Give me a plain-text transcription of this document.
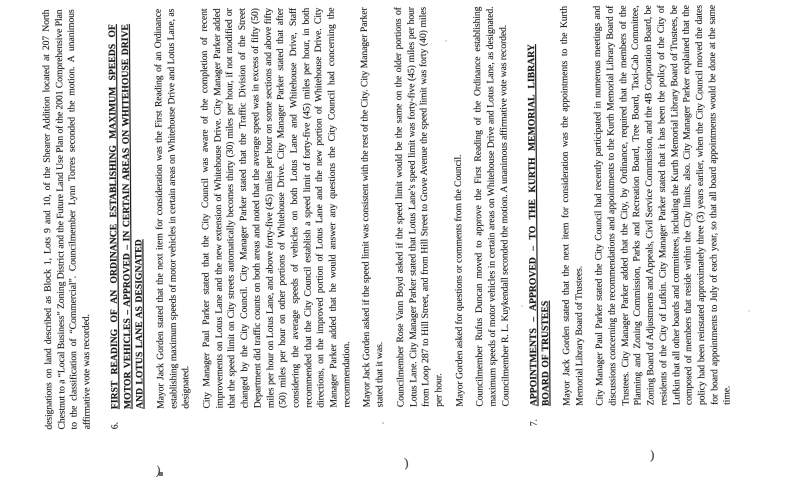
)
)
)

designations on land described as Block 1, Lots 9 and 10, of the Shearer Addition located at 207 North Chestnut to a “Local Business” Zoning District and the Future Land Use Plan of the 2001 Comprehensive Plan to the classification of “Commercial”. Councilmember Lynn Torres seconded the motion. A unanimous affirmative vote was recorded. 6.

FIRST READING OF AN ORDINANCE ESTABLISHING MAXIMUM SPEEDS OF MOTOR VEHICLES – APPROVED – IN CERTAIN AREAS ON WHITEHOUSE DRIVE AND LOTUS LANE AS DESIGNATED Mayor Jack Gorden stated that the next item for consideration was the First Reading of an Ordinance establishing maximum speeds of motor vehicles in certain areas on Whitehouse Drive and Lotus Lane, as designated. City Manager Paul Parker stated that the City Council was aware of the completion of recent improvements on Lotus Lane and the new extension of Whitehouse Drive. City Manager Parker added that the speed limit on City streets automatically becomes thirty (30) miles per hour, if not modified or changed by the City Council. City Manager Parker stated that the Traffic Division of the Street Department did traffic counts on both areas and noted that the average speed was in excess of fifty (50) miles per hour on Lotus Lane, and above forty-five (45) miles per hour on some sections and above fifty (50) miles per hour on other portions of Whitehouse Drive. City Manager Parker stated that after considering the average speeds of vehicles on both Lotus Lane and Whitehouse Drive, Staff recommended that the City Council establish a speed limit of forty-five (45) miles per hour, in both directions, on the improved portion of Lotus Lane and the new portion of Whitehouse Drive. City Manager Parker added that he would answer any questions the City Council had concerning the recommendation. Mayor Jack Gorden asked if the speed limit was consistent with the rest of the City. City Manager Parker stated that it was. Councilmember Rose Vann Boyd asked if the speed limit would be the same on the older portions of Lotus Lane. City Manager Parker stated that Lotus Lane’s speed limit was forty-five (45) miles per hour from Loop 287 to Hill Street, and from Hill Street to Grove Avenue the speed limit was forty (40) miles per hour. Mayor Gorden asked for questions or comments from the Council. Councilmember Rufus Duncan moved to approve the First Reading of the Ordinance establishing maximum speeds of motor vehicles in certain areas on Whitehouse Drive and Lotus Lane, as designated. Councilmember R. L. Kuykendall seconded the motion. A unanimous affirmative vote was recorded.

7.

APPOINTMENTS – APPROVED – TO THE KURTH MEMORIAL LIBRARY BOARD OF TRUSTEES Mayor Jack Gorden stated that the next item for consideration was the appointments to the Kurth Memorial Library Board of Trustees. City Manager Paul Parker stated the City Council had recently participated in numerous meetings and discussions concerning the recommendations and appointments to the Kurth Memorial Library Board of Trustees. City Manager Parker added that the City, by Ordinance, required that the members of the Planning and Zoning Commission, Parks and Recreation Board, Tree Board, Taxi-Cab Committee, Zoning Board of Adjustments and Appeals, Civil Service Commission, and the 4B Corporation Board, be residents of the City of Lufkin. City Manager Parker stated that it has been the policy of the City of Lufkin that all other boards and committees, including the Kurth Memorial Library Board of Trustees, be composed of members that reside within the City limits, also. City Manager Parker explained that the policy had been reinstated approximately three (3) years earlier, when the City Council moved the dates for board appointments to July of each year, so that all board appointments would be done at the same time.
